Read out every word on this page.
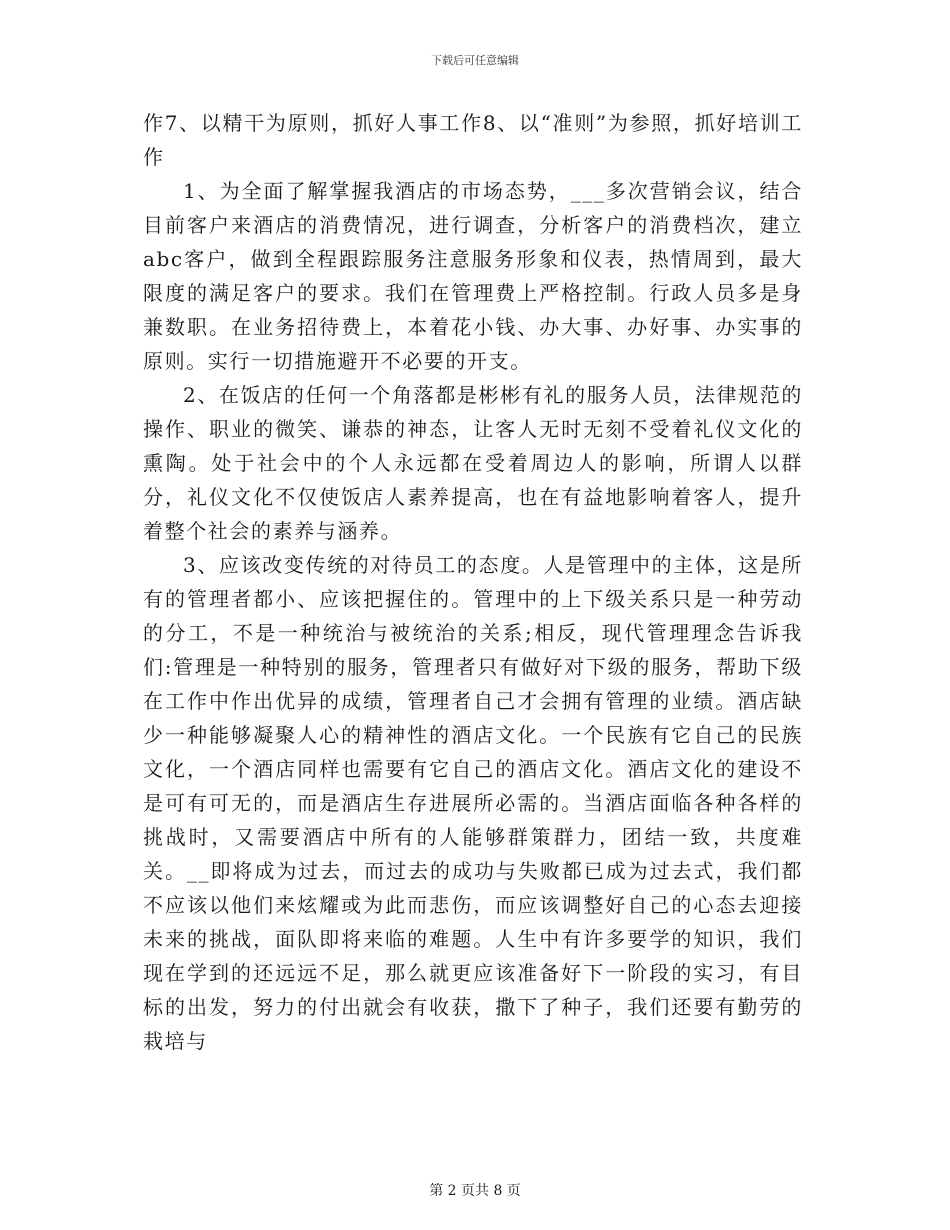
下载后可任意编辑

作7、以精干为原则，抓好人事工作8、以“准则”为参照，抓好培训工作

1、为全面了解掌握我酒店的市场态势，___多次营销会议，结合目前客户来酒店的消费情况，进行调查，分析客户的消费档次，建立abc客户，做到全程跟踪服务注意服务形象和仪表，热情周到，最大限度的满足客户的要求。我们在管理费上严格控制。行政人员多是身兼数职。在业务招待费上，本着花小钱、办大事、办好事、办实事的原则。实行一切措施避开不必要的开支。

2、在饭店的任何一个角落都是彬彬有礼的服务人员，法律规范的操作、职业的微笑、谦恭的神态，让客人无时无刻不受着礼仪文化的熏陶。处于社会中的个人永远都在受着周边人的影响，所谓人以群分，礼仪文化不仅使饭店人素养提高，也在有益地影响着客人，提升着整个社会的素养与涵养。

3、应该改变传统的对待员工的态度。人是管理中的主体，这是所有的管理者都小、应该把握住的。管理中的上下级关系只是一种劳动的分工，不是一种统治与被统治的关系;相反，现代管理理念告诉我们:管理是一种特别的服务，管理者只有做好对下级的服务，帮助下级在工作中作出优异的成绩，管理者自己才会拥有管理的业绩。酒店缺少一种能够凝聚人心的精神性的酒店文化。一个民族有它自己的民族文化，一个酒店同样也需要有它自己的酒店文化。酒店文化的建设不是可有可无的，而是酒店生存进展所必需的。当酒店面临各种各样的挑战时，又需要酒店中所有的人能够群策群力，团结一致，共度难关。__即将成为过去，而过去的成功与失败都已成为过去式，我们都不应该以他们来炫耀或为此而悲伤，而应该调整好自己的心态去迎接未来的挑战，面队即将来临的难题。人生中有许多要学的知识，我们现在学到的还远远不足，那么就更应该准备好下一阶段的实习，有目标的出发，努力的付出就会有收获，撒下了种子，我们还要有勤劳的栽培与

第 2 页共 8 页
